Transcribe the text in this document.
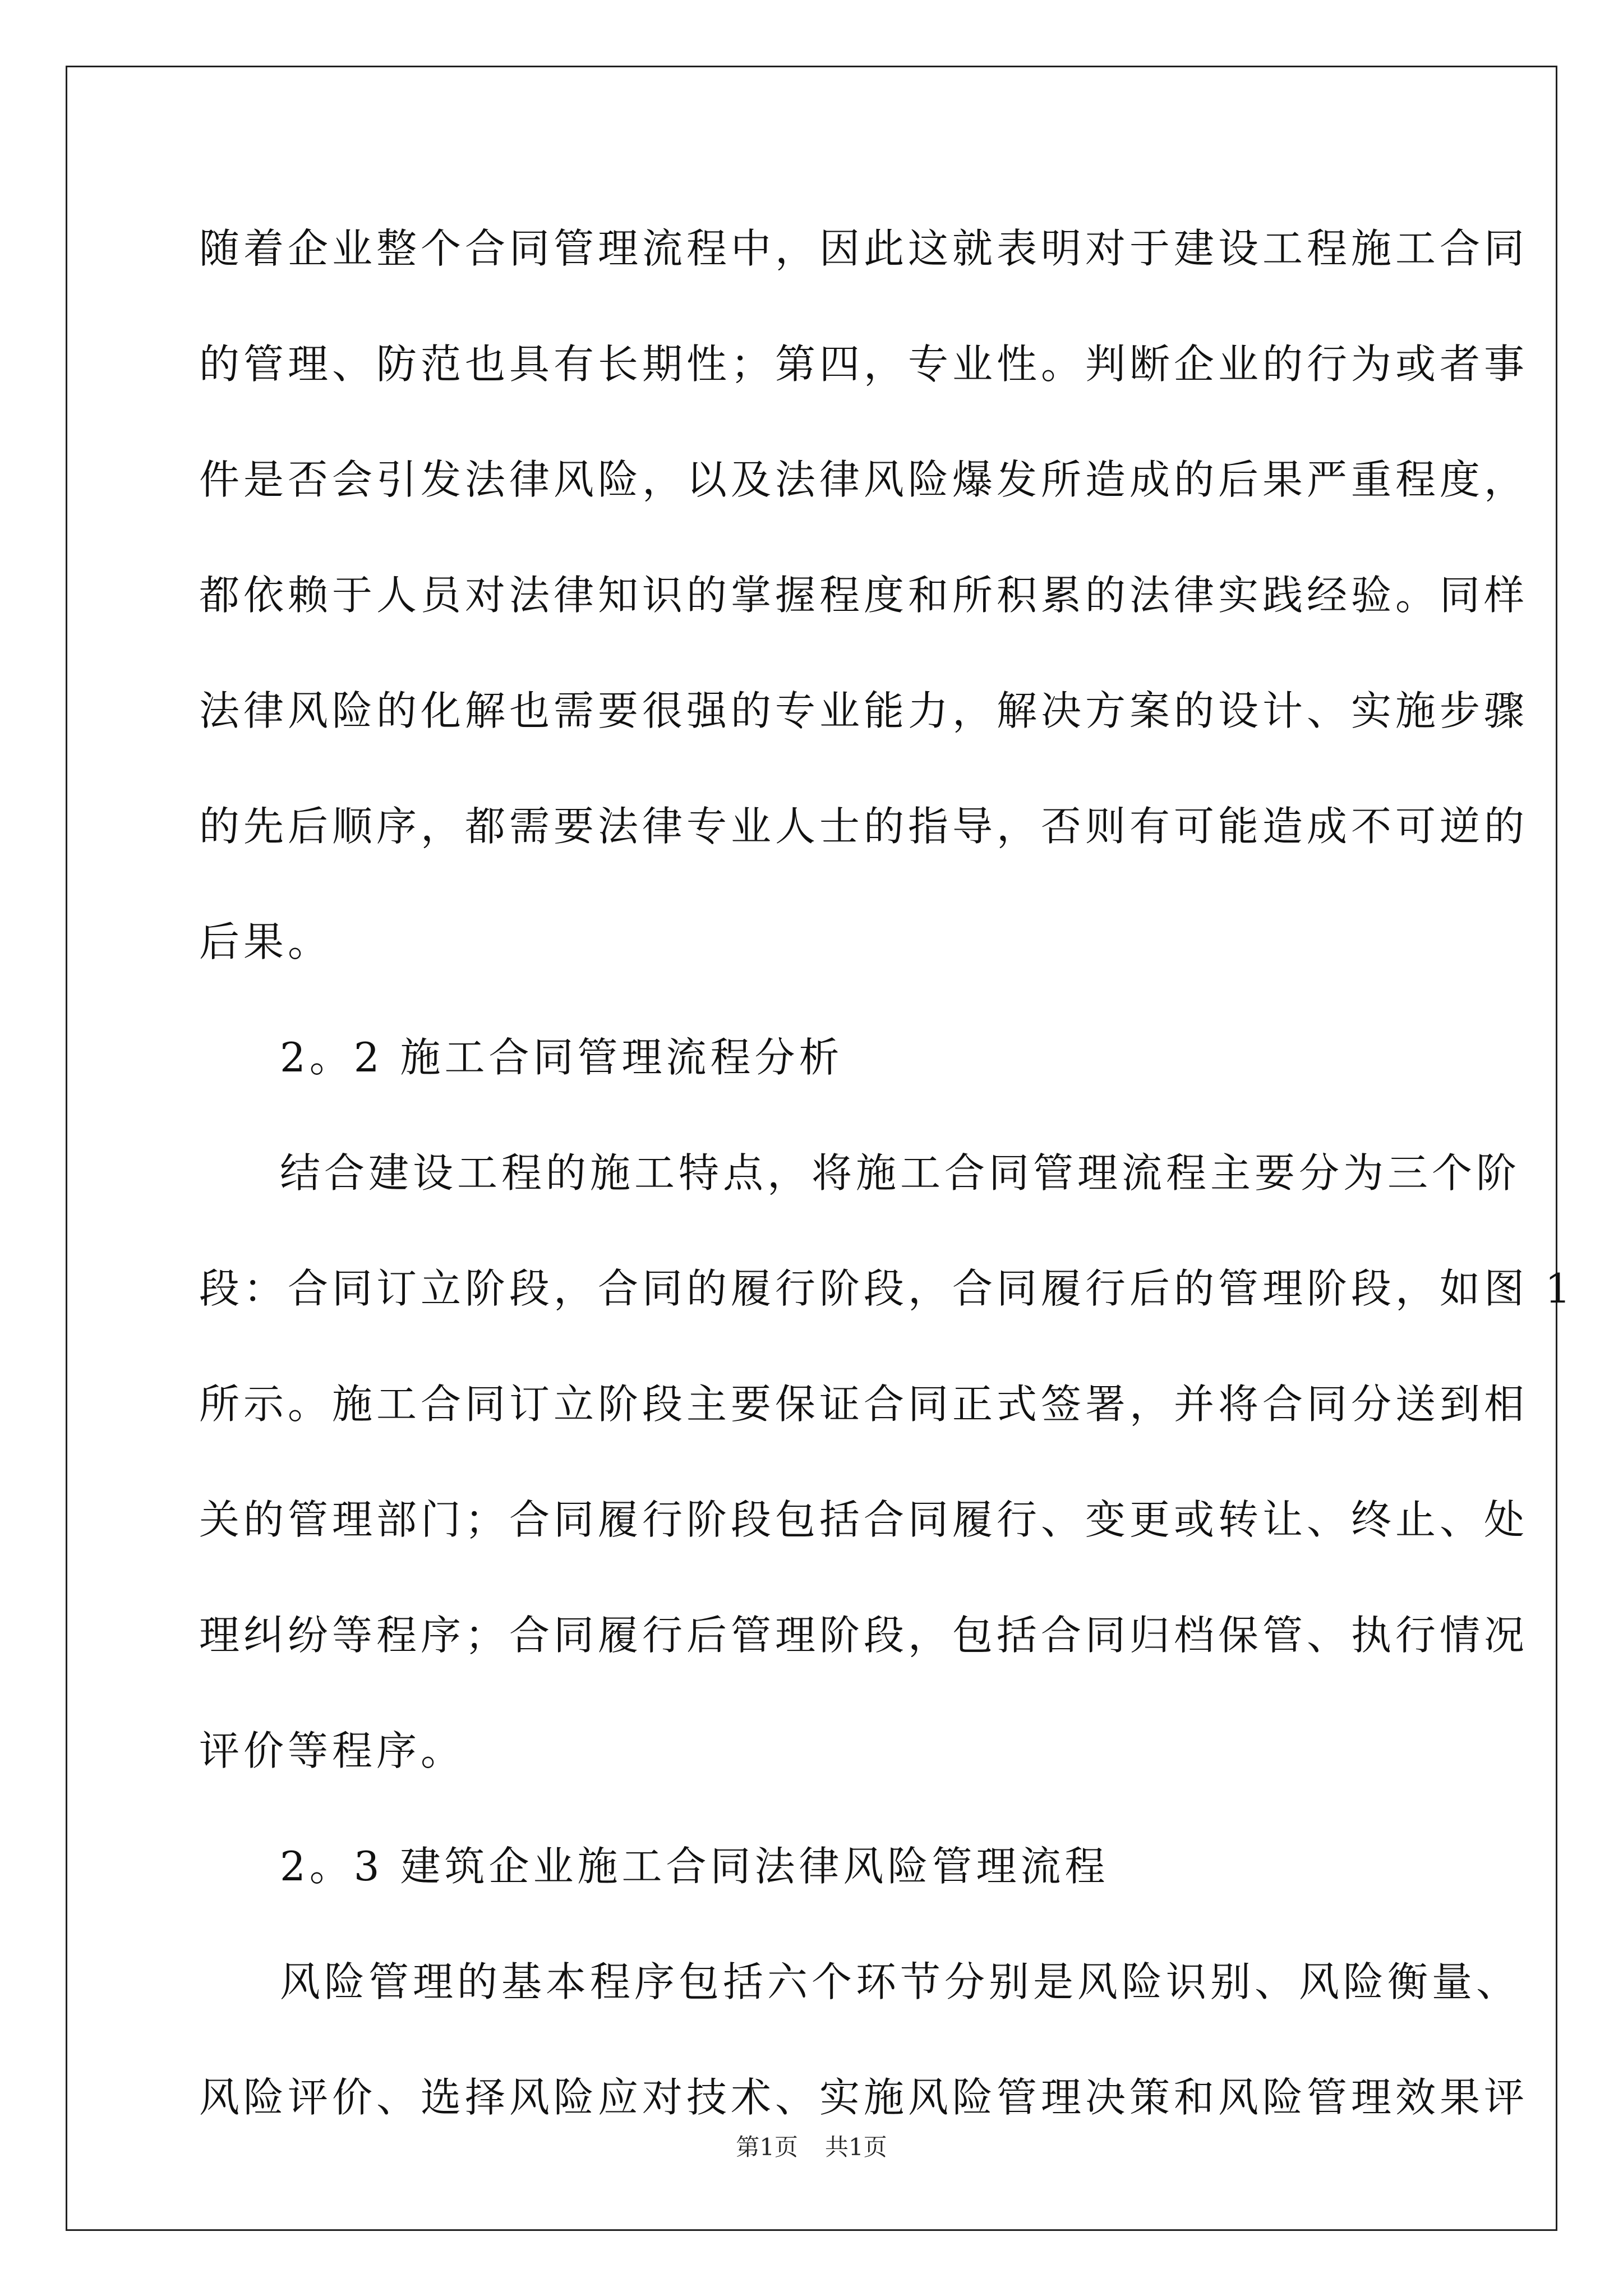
随着企业整个合同管理流程中，因此这就表明对于建设工程施工合同
的管理、防范也具有长期性；第四，专业性。判断企业的行为或者事
件是否会引发法律风险，以及法律风险爆发所造成的后果严重程度，
都依赖于人员对法律知识的掌握程度和所积累的法律实践经验。同样
法律风险的化解也需要很强的专业能力，解决方案的设计、实施步骤
的先后顺序，都需要法律专业人士的指导，否则有可能造成不可逆的
后果。
2。2 施工合同管理流程分析
结合建设工程的施工特点，将施工合同管理流程主要分为三个阶
段：合同订立阶段，合同的履行阶段，合同履行后的管理阶段，如图 1
所示。施工合同订立阶段主要保证合同正式签署，并将合同分送到相
关的管理部门；合同履行阶段包括合同履行、变更或转让、终止、处
理纠纷等程序；合同履行后管理阶段，包括合同归档保管、执行情况
评价等程序。
2。3 建筑企业施工合同法律风险管理流程
风险管理的基本程序包括六个环节分别是风险识别、风险衡量、
风险评价、选择风险应对技术、实施风险管理决策和风险管理效果评
第1页 共1页
